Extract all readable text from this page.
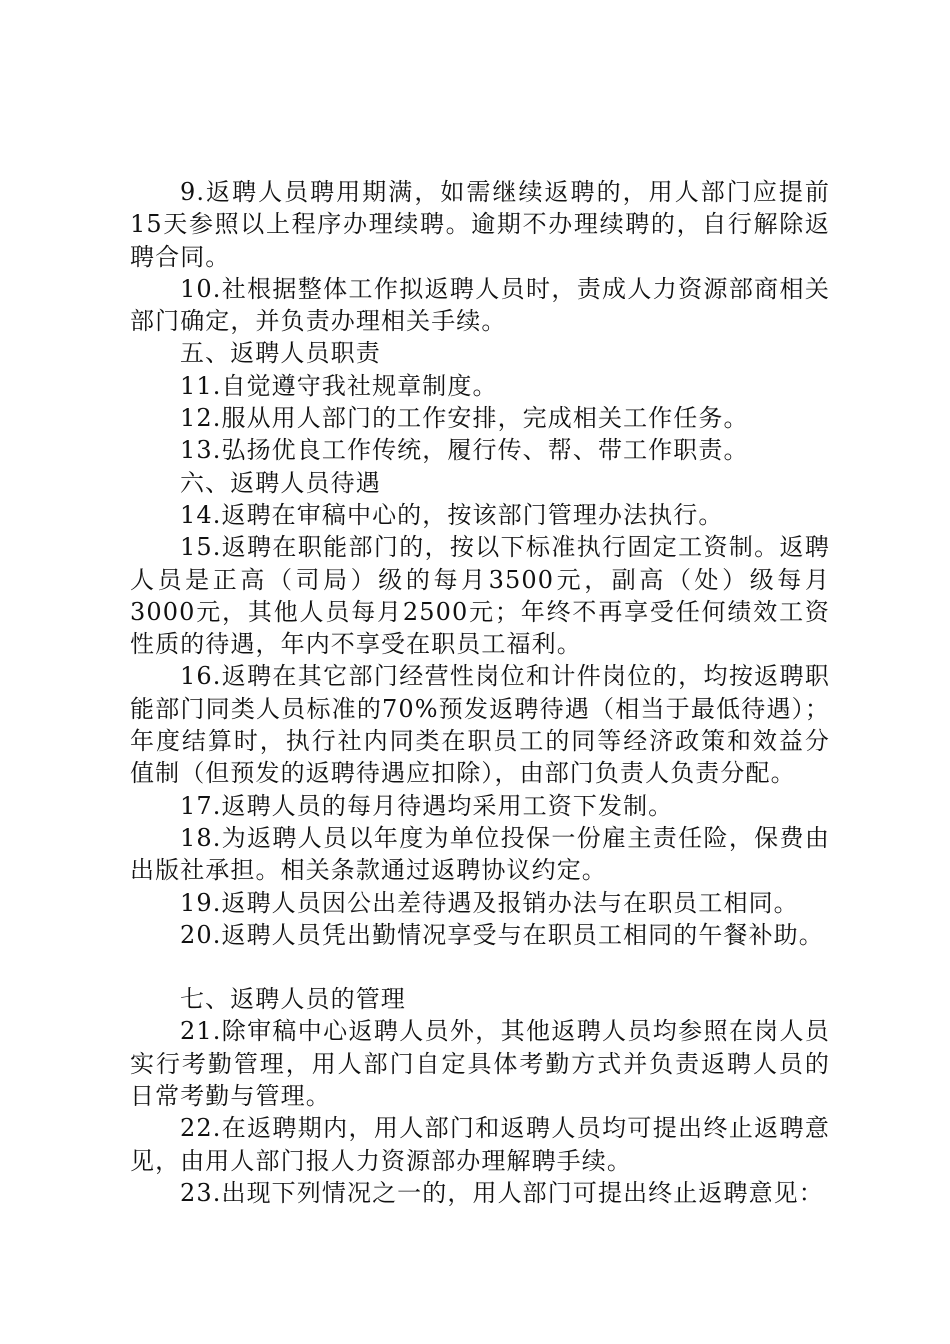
9.返聘人员聘用期满，如需继续返聘的，用人部门应提前15天参照以上程序办理续聘。逾期不办理续聘的，自行解除返聘合同。

10.社根据整体工作拟返聘人员时，责成人力资源部商相关部门确定，并负责办理相关手续。

五、返聘人员职责

11.自觉遵守我社规章制度。

12.服从用人部门的工作安排，完成相关工作任务。

13.弘扬优良工作传统，履行传、帮、带工作职责。

六、返聘人员待遇

14.返聘在审稿中心的，按该部门管理办法执行。

15.返聘在职能部门的，按以下标准执行固定工资制。返聘人员是正高（司局）级的每月3500元，副高（处）级每月3000元，其他人员每月2500元；年终不再享受任何绩效工资性质的待遇，年内不享受在职员工福利。

16.返聘在其它部门经营性岗位和计件岗位的，均按返聘职能部门同类人员标准的70%预发返聘待遇（相当于最低待遇）；年度结算时，执行社内同类在职员工的同等经济政策和效益分值制（但预发的返聘待遇应扣除），由部门负责人负责分配。

17.返聘人员的每月待遇均采用工资下发制。

18.为返聘人员以年度为单位投保一份雇主责任险，保费由出版社承担。相关条款通过返聘协议约定。

19.返聘人员因公出差待遇及报销办法与在职员工相同。

20.返聘人员凭出勤情况享受与在职员工相同的午餐补助。

七、返聘人员的管理

21.除审稿中心返聘人员外，其他返聘人员均参照在岗人员实行考勤管理，用人部门自定具体考勤方式并负责返聘人员的日常考勤与管理。

22.在返聘期内，用人部门和返聘人员均可提出终止返聘意见，由用人部门报人力资源部办理解聘手续。

23.出现下列情况之一的，用人部门可提出终止返聘意见：
